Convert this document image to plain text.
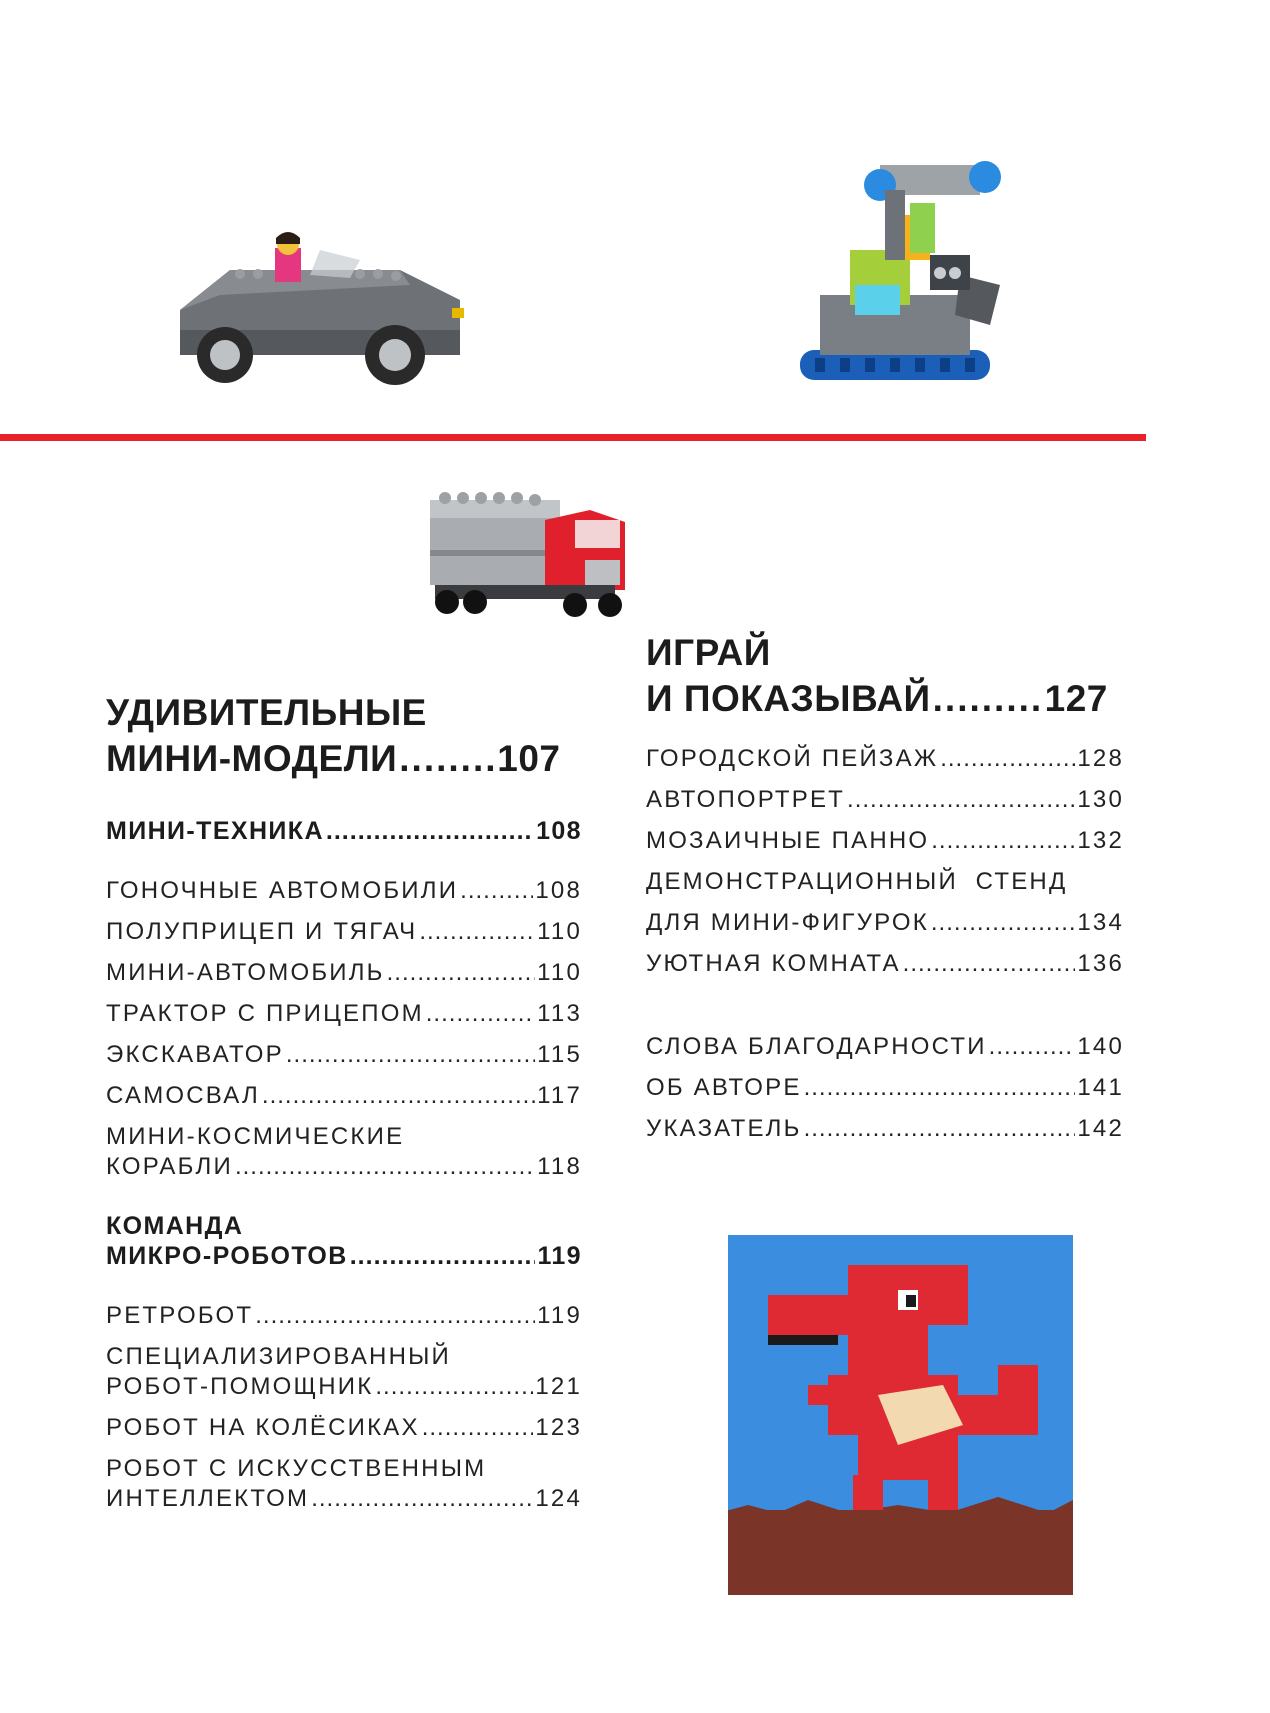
УДИВИТЕЛЬНЫЕ
МИНИ-МОДЕЛИ .....	107
МИНИ-ТЕХНИКА .....	108
ГОНОЧНЫЕ АВТОМОБИЛИ .....	108
ПОЛУПРИЦЕП И ТЯГАЧ .....	110
МИНИ-АВТОМОБИЛЬ .....	110
ТРАКТОР С ПРИЦЕПОМ .....	113
ЭКСКАВАТОР .....	115
САМОСВАЛ .....	117
МИНИ-КОСМИЧЕСКИЕ
КОРАБЛИ .....	118
КОМАНДА
МИКРО-РОБОТОВ .....	119
РЕТРОБОТ .....	119
СПЕЦИАЛИЗИРОВАННЫЙ
РОБОТ-ПОМОЩНИК .....	121
РОБОТ НА КОЛЁСИКАХ .....	123
РОБОТ С ИСКУССТВЕННЫМ
ИНТЕЛЛЕКТОМ .....	124
ИГРАЙ
И ПОКАЗЫВАЙ .....	127
ГОРОДСКОЙ ПЕЙЗАЖ .....	128
АВТОПОРТРЕТ .....	130
МОЗАИЧНЫЕ ПАННО .....	132
ДЕМОНСТРАЦИОННЫЙ  СТЕНД
ДЛЯ МИНИ-ФИГУРОК .....	134
УЮТНАЯ КОМНАТА .....	136
СЛОВА БЛАГОДАРНОСТИ .....	140
ОБ АВТОРЕ .....	141
УКАЗАТЕЛЬ .....	142
